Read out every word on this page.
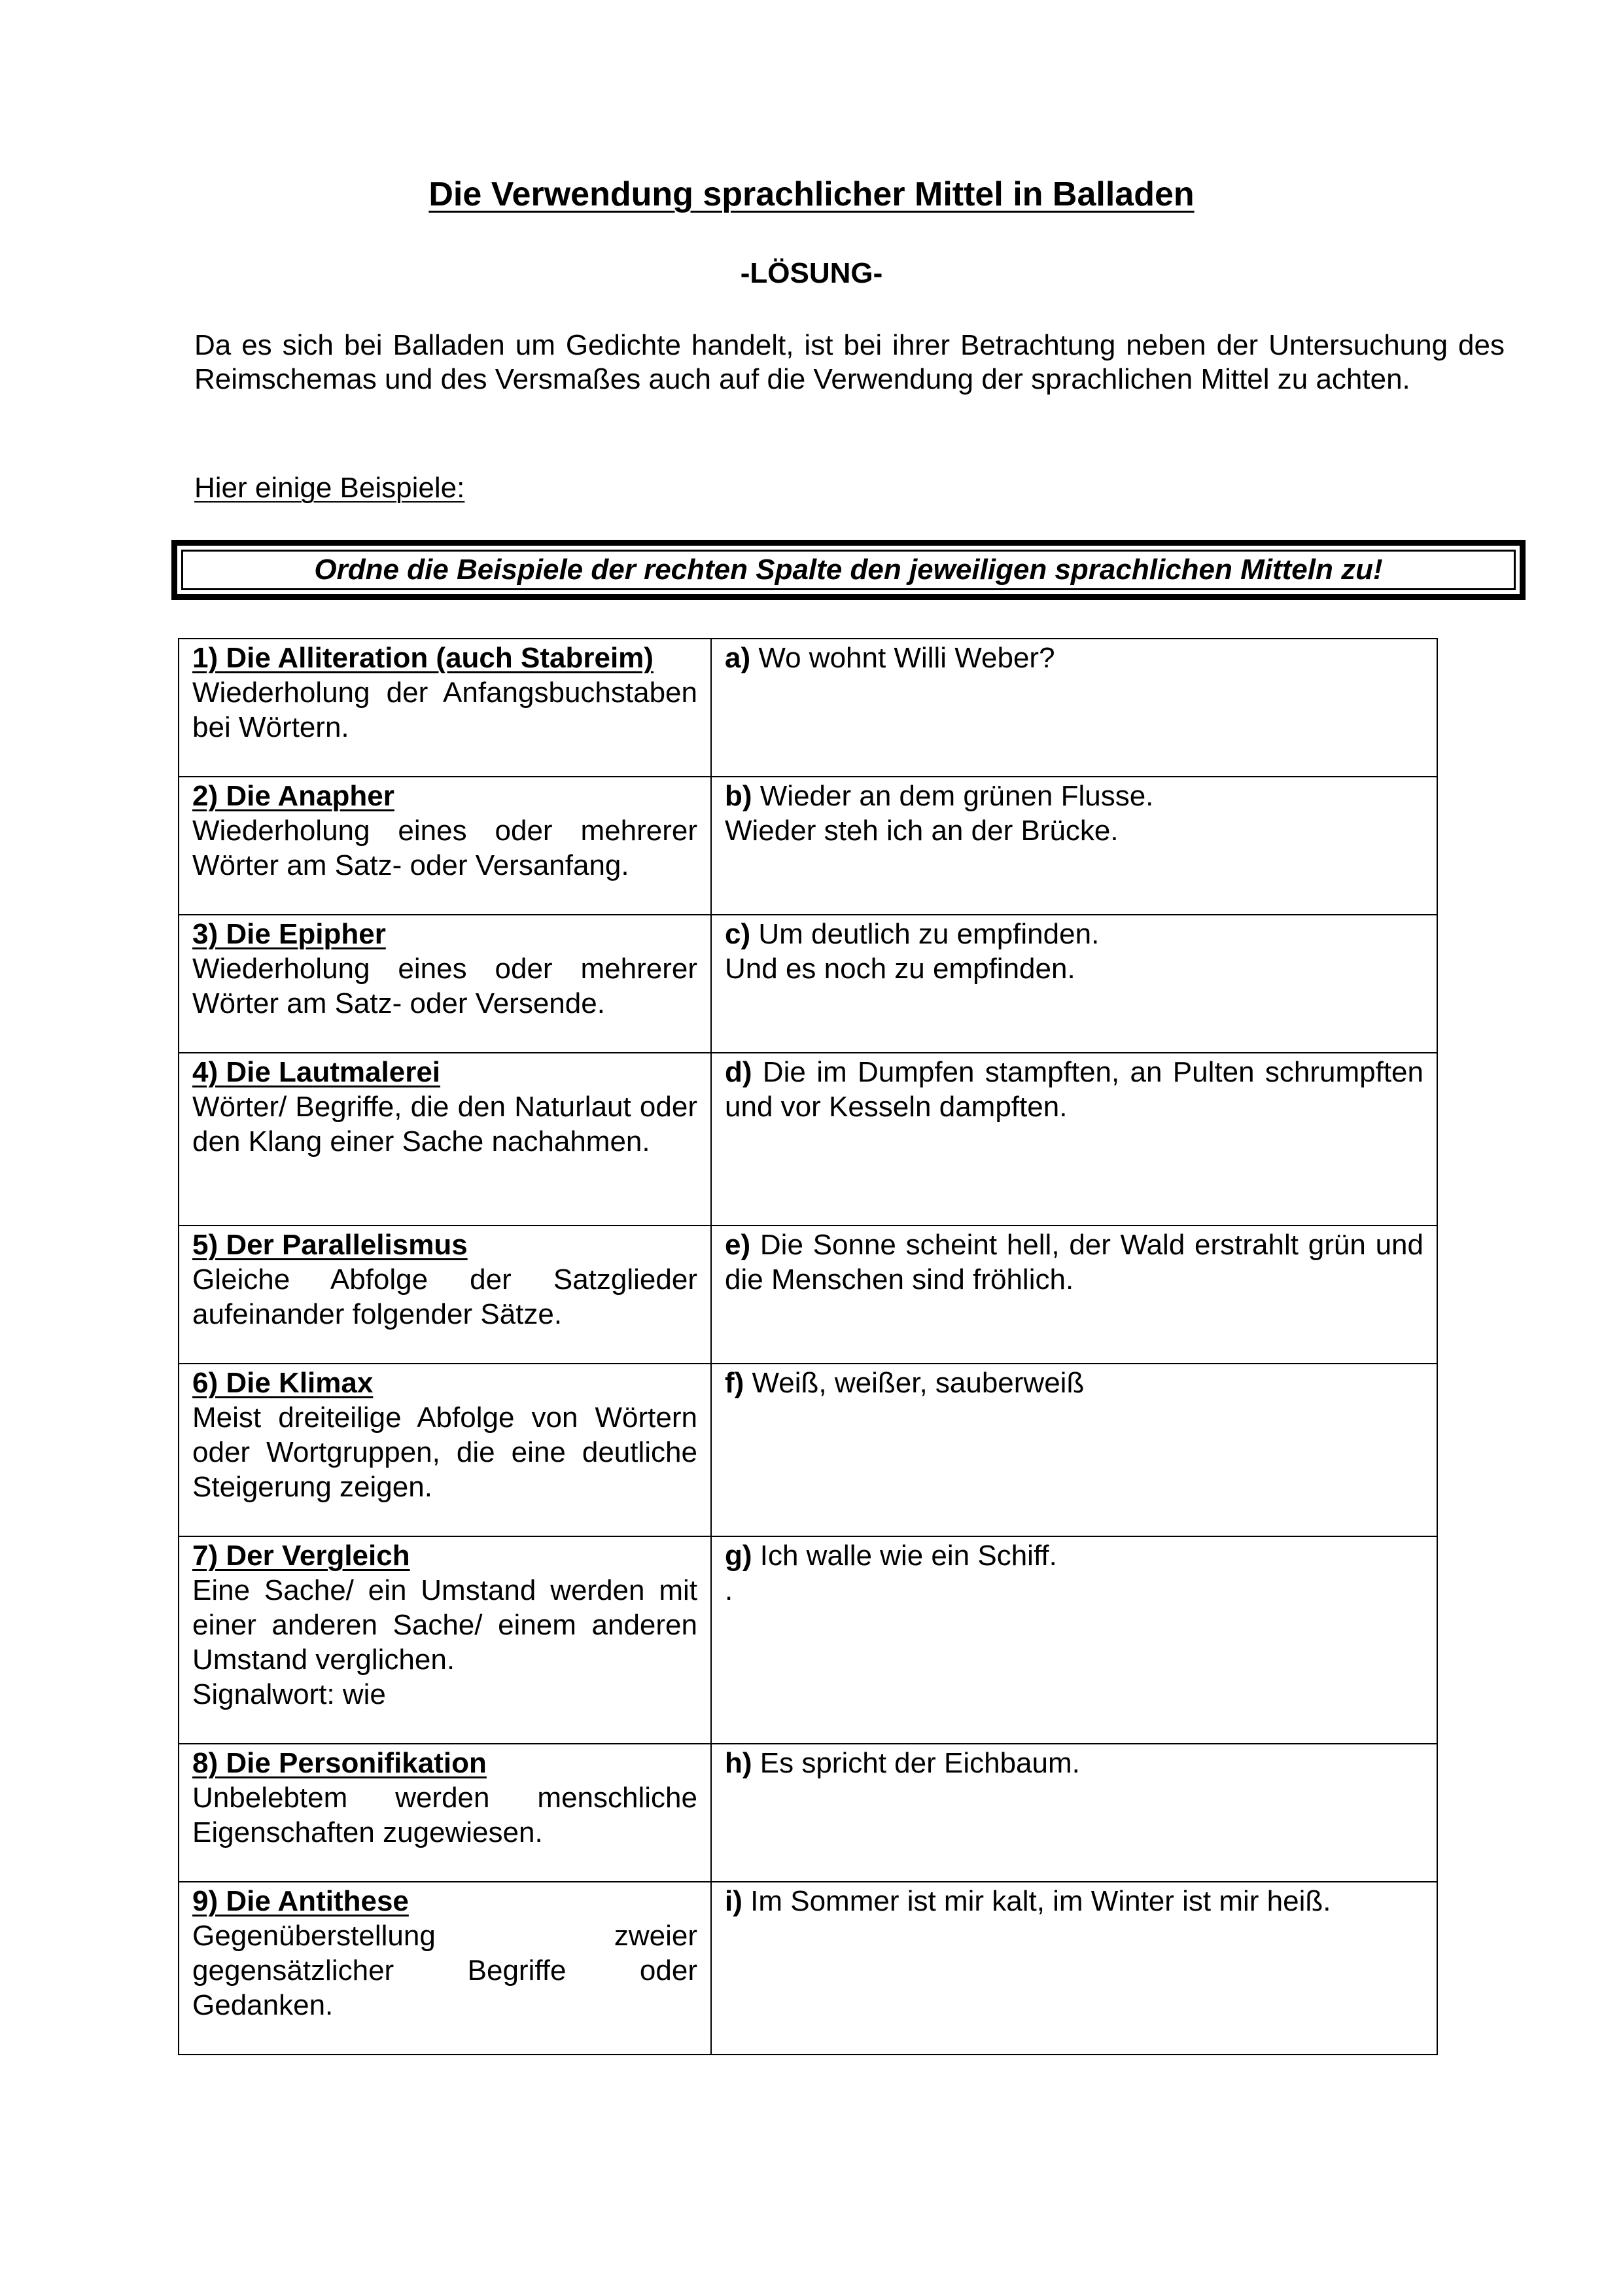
Die Verwendung sprachlicher Mittel in Balladen
-LÖSUNG-

Da es sich bei Balladen um Gedichte handelt, ist bei ihrer Betrachtung neben der Untersuchung des Reimschemas und des Versmaßes auch auf die Verwendung der sprachlichen Mittel zu achten.

Hier einige Beispiele:
Ordne die Beispiele der rechten Spalte den jeweiligen sprachlichen Mitteln zu!
1) Die Alliteration (auch Stabreim)
Wiederholung der Anfangsbuchstaben bei Wörtern.	a) Wo wohnt Willi Weber?

2) Die Anapher
Wiederholung eines oder mehrerer Wörter am Satz- oder Versanfang.	b) Wieder an dem grünen Flusse.
Wieder steh ich an der Brücke.

3) Die Epipher
Wiederholung eines oder mehrerer Wörter am Satz- oder Versende.	c) Um deutlich zu empfinden.
Und es noch zu empfinden.

4) Die Lautmalerei
Wörter/ Begriffe, die den Naturlaut oder den Klang einer Sache nachahmen.	d) Die im Dumpfen stampften, an Pulten schrumpften und vor Kesseln dampften.

5) Der Parallelismus
Gleiche Abfolge der Satzglieder aufeinander folgender Sätze.	e) Die Sonne scheint hell, der Wald erstrahlt grün und die Menschen sind fröhlich.

6) Die Klimax
Meist dreiteilige Abfolge von Wörtern oder Wortgruppen, die eine deutliche Steigerung zeigen.	f) Weiß, weißer, sauberweiß

7) Der Vergleich
Eine Sache/ ein Umstand werden mit einer anderen Sache/ einem anderen Umstand verglichen.
Signalwort: wie	g) Ich walle wie ein Schiff.
.

8) Die Personifikation
Unbelebtem werden menschliche Eigenschaften zugewiesen.	h) Es spricht der Eichbaum.

9) Die Antithese
Gegenüberstellung zweier gegensätzlicher Begriffe oder Gedanken.	i) Im Sommer ist mir kalt, im Winter ist mir heiß.
